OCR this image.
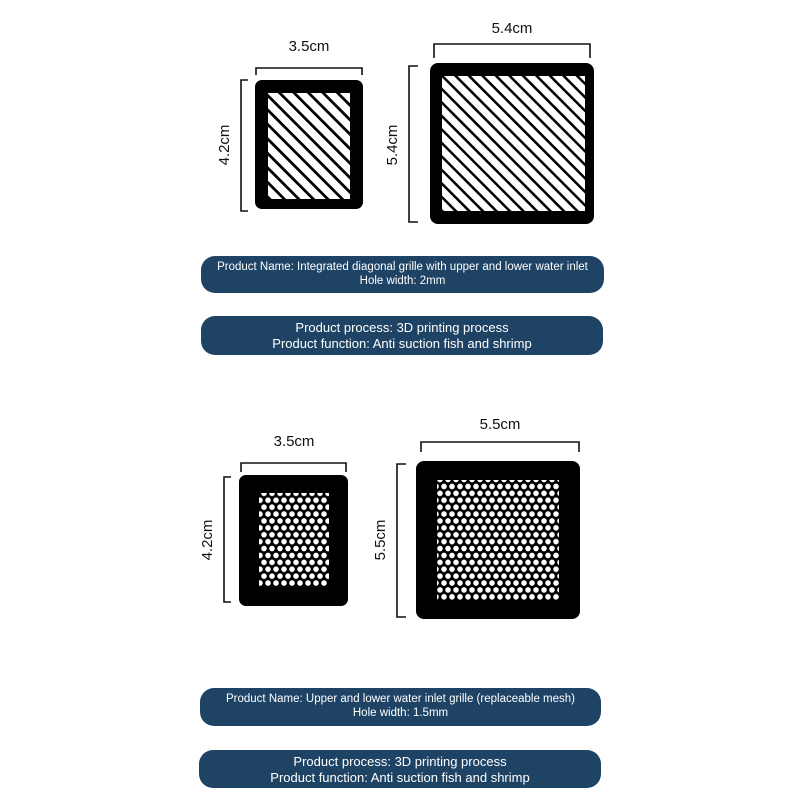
3.5cm
4.2cm
5.4cm
5.4cm
3.5cm
4.2cm
5.5cm
5.5cm
Product Name: Integrated diagonal grille with upper and lower water inlet
Hole width: 2mm
Product process: 3D printing process
Product function: Anti suction fish and shrimp
Product Name: Upper and lower water inlet grille (replaceable mesh)
Hole width: 1.5mm
Product process: 3D printing process
Product function: Anti suction fish and shrimp
